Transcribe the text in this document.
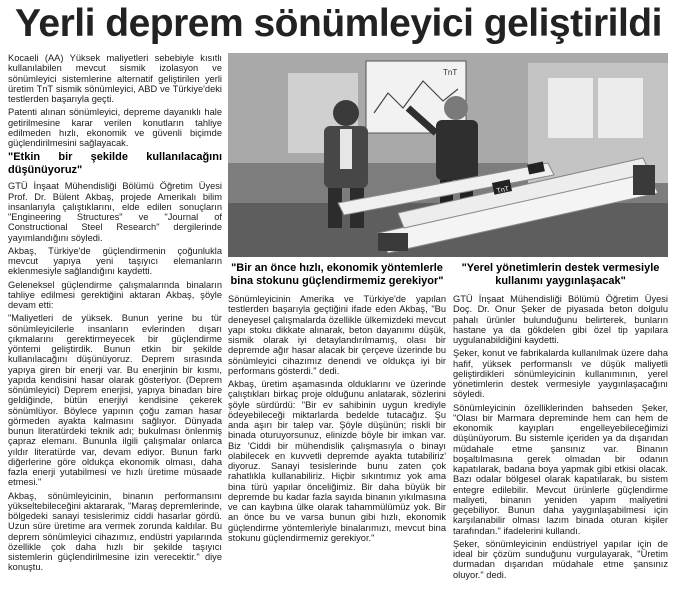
Yerli deprem sönümleyici geliştirildi

Kocaeli (AA) Yüksek maliyetleri sebebiyle kısıtlı kullanılabilen mevcut sismik izolasyon ve sönümleyici sistemlerine alternatif geliştirilen yerli üretim TnT sismik sönümleyici, ABD ve Türkiye'deki testlerden başarıyla geçti.

Patenti alınan sönümleyici, depreme dayanıklı hale getirilmesine karar verilen konutların tahliye edilmeden hızlı, ekonomik ve güvenli biçimde güçlendirilmesini sağlayacak.

"Etkin bir şekilde kullanılacağını düşünüyoruz"

GTÜ İnşaat Mühendisliği Bölümü Öğretim Üyesi Prof. Dr. Bülent Akbaş, projede Amerikalı bilim insanlarıyla çalıştıklarını, elde edilen sonuçların "Engineering Structures" ve "Journal of Constructional Steel Research" dergilerinde yayımlandığını söyledi.

Akbaş, Türkiye'de güçlendirmenin çoğunlukla mevcut yapıya yeni taşıyıcı elemanların eklenmesiyle sağlandığını kaydetti.

Geleneksel güçlendirme çalışmalarında binaların tahliye edilmesi gerektiğini aktaran Akbaş, şöyle devam etti:

"Maliyetleri de yüksek. Bunun yerine bu tür sönümleyicilerle insanların evlerinden dışarı çıkmalarını gerektirmeyecek bir güçlendirme yöntemi geliştirdik. Bunun etkin bir şekilde kullanılacağını düşünüyoruz. Deprem sırasında yapıya giren bir enerji var. Bu enerjinin bir kısmı, yapıda kendisini hasar olarak gösteriyor. (Deprem sönümleyici) Deprem enerjisi, yapıya binadan bire geldiğinde, bütün enerjiyi kendisine çekerek sönümlüyor. Böylece yapının çoğu zaman hasar görmeden ayakta kalmasını sağlıyor. Dünyada bunun literatürdeki teknik adı; bukulması önlenmiş çapraz elemanı. Bununla ilgili çalışmalar onlarca yıldır literatürde var, devam ediyor. Bunun farkı diğerlerine göre oldukça ekonomik olması, daha fazla enerji yutabilmesi ve hızlı üretime müsaade etmesi."

Akbaş, sönümleyicinin, binanın performansını yükseltebileceğini aktararak, "Maraş depremlerinde, bölgedeki sanayi tesislerimiz ciddi hasarlar gördü. Uzun süre üretime ara vermek zorunda kaldılar. Bu deprem sönümleyici cihazımız, endüstri yapılarında özellikle çok daha hızlı bir şekilde taşıyıcı sistemlerin güçlendirilmesine izin verecektir." diye konuştu.

TnT
TnT
"Bir an önce hızlı, ekonomik yöntemlerle bina stokunu güçlendirmemiz gerekiyor"
"Yerel yönetimlerin destek vermesiyle kullanımı yaygınlaşacak"

Sönümleyicinin Amerika ve Türkiye'de yapılan testlerden başarıyla geçtiğini ifade eden Akbaş, "Bu deneyesel çalışmalarda özellikle ülkemizdeki mevcut yapı stoku dikkate alınarak, beton dayanımı düşük, sismik olarak iyi detaylandırılmamış, olası bir depremde ağır hasar alacak bir çerçeve üzerinde bu sönümleyici cihazımız denendi ve oldukça iyi bir performans gösterdi." dedi.

Akbaş, üretim aşamasında olduklarını ve üzerinde çalıştıkları birkaç proje olduğunu anlatarak, sözlerini şöyle sürdürdü: "Bir ev sahibinin uygun krediyle ödeyebileceği miktarlarda bedelde tutacağız. Şu anda aşırı bir talep var. Şöyle düşünün; riskli bir binada oturuyorsunuz, elinizde böyle bir imkan var. Biz 'Ciddi bir mühendislik çalışmasıyla o binayı olabilecek en kuvvetli depremde ayakta tutabiliriz' diyoruz. Sanayi tesislerinde bunu zaten çok rahatlıkla kullanabiliriz. Hiçbir sıkıntımız yok ama bina türü yapılar önceliğimiz. Bir daha büyük bir depremde bu kadar fazla sayıda binanın yıkılmasına ve can kaybına ülke olarak tahammülümüz yok. Bir an önce bu ve varsa bunun gibi hızlı, ekonomik güçlendirme yöntemleriyle binalarımızı, mevcut bina stokunu güçlendirmemiz gerekiyor."

GTÜ İnşaat Mühendisliği Bölümü Öğretim Üyesi Doç. Dr. Onur Şeker de piyasada beton dolgulu pahalı ürünler bulunduğunu belirterek, bunların hastane ya da gökdelen gibi özel tip yapılara uygulanabildiğini kaydetti.

Şeker, konut ve fabrikalarda kullanılmak üzere daha hafif, yüksek performanslı ve düşük maliyetli geliştirdikleri sönümleyicinin kullanımının, yerel yönetimlerin destek vermesiyle yaygınlaşacağını söyledi.

Sönümleyicinin özelliklerinden bahseden Şeker, "Olası bir Marmara depreminde hem can hem de ekonomik kayıpları engelleyebileceğimizi düşünüyorum. Bu sistemle içeriden ya da dışarıdan müdahale etme şansınız var. Binanın boşaltılmasına gerek olmadan bir odanın kapatılarak, badana boya yapmak gibi etkisi olacak. Bazı odalar bölgesel olarak kapatılarak, bu sistem entegre edilebilir. Mevcut ürünlerle güçlendirme maliyeti, binanın yeniden yapım maliyetini geçebiliyor. Bunun daha yaygınlaşabilmesi için karşılanabilir olması lazım binada oturan kişiler tarafından." ifadelerini kullandı.

Şeker, sönümleyicinin endüstriyel yapılar için de ideal bir çözüm sunduğunu vurgulayarak, "Üretim durmadan dışarıdan müdahale etme şansınız oluyor." dedi.
